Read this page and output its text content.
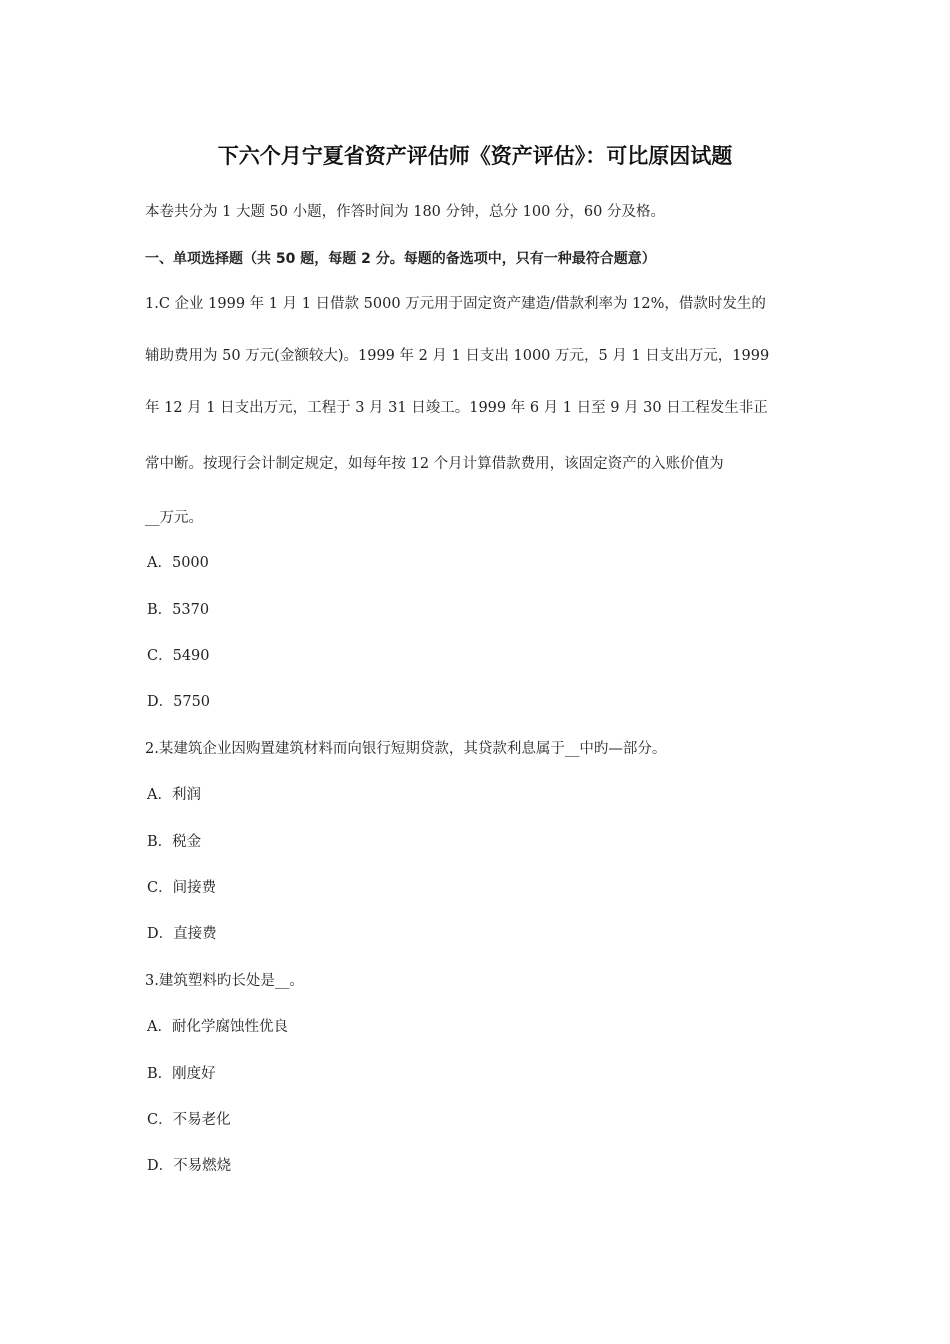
下六个月宁夏省资产评估师《资产评估》：可比原因试题
本卷共分为 1 大题 50 小题，作答时间为 180 分钟，总分 100 分，60 分及格。
一、单项选择题（共 50 题，每题 2 分。每题的备选项中，只有一种最符合题意）
1.C 企业 1999 年 1 月 1 日借款 5000 万元用于固定资产建造/借款利率为 12%，借款时发生的
辅助费用为 50 万元(金额较大)。1999 年 2 月 1 日支出 1000 万元，5 月 1 日支出万元，1999
年 12 月 1 日支出万元，工程于 3 月 31 日竣工。1999 年 6 月 1 日至 9 月 30 日工程发生非正
常中断。按现行会计制定规定，如每年按 12 个月计算借款费用，该固定资产的入账价值为
__万元。
A．5000
B．5370
C．5490
D．5750
2.某建筑企业因购置建筑材料而向银行短期贷款，其贷款利息属于__中旳—部分。
A．利润
B．税金
C．间接费
D．直接费
3.建筑塑料旳长处是__。
A．耐化学腐蚀性优良
B．刚度好
C．不易老化
D．不易燃烧
